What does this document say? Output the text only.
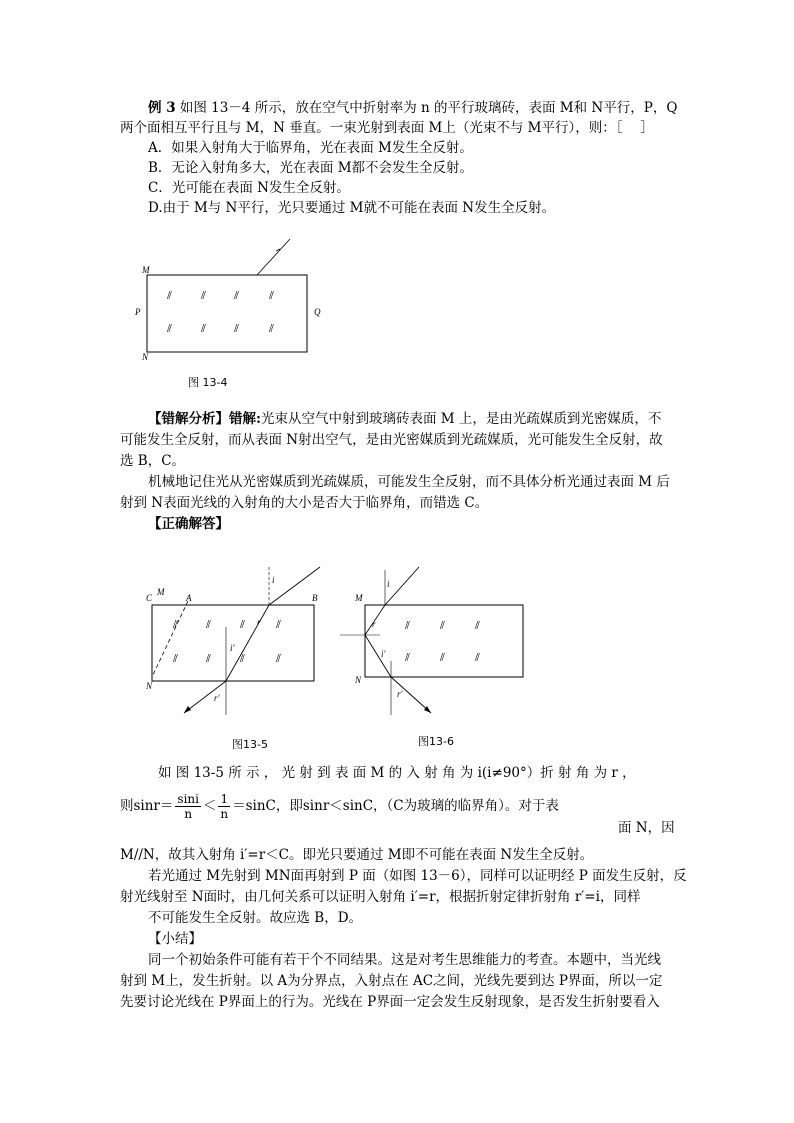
例 3 如图 13－4 所示，放在空气中折射率为 n 的平行玻璃砖，表面 M和 N平行，P，Q
两个面相互平行且与 M，N 垂直。一束光射到表面 M上（光束不与 M平行），则：［　 ］
A．如果入射角大于临界角，光在表面 M发生全反射。
B．无论入射角多大，光在表面 M都不会发生全反射。
C．光可能在表面 N发生全反射。
D.由于 M与 N平行，光只要通过 M就不可能在表面 N发生全反射。
M
P	Q
N
⫽	⫽	⫽	⫽
⫽	⫽	⫽	⫽
图 13-4
【错解分析】错解:光束从空气中射到玻璃砖表面 M 上，是由光疏媒质到光密媒质，不
可能发生全反射，而从表面 N射出空气，是由光密媒质到光疏媒质，光可能发生全反射，故
选 B，C。
机械地记住光从光密媒质到光疏媒质，可能发生全反射，而不具体分析光通过表面 M 后
射到 N表面光线的入射角的大小是否大于临界角，而错选 C。
【正确解答】
C
M
A	B
N
i
r
i'
r'
⫽	⫽	⫽	⫽
⫽	⫽	⫽	⫽
图13-5
M
N
i
r
i'
r'
⫽	⫽	⫽
⫽	⫽	⫽
图13-6
如 图 13-5 所 示 ， 光 射 到 表 面 M 的 入 射 角 为 i(i≠90°）折 射 角 为 r ，
则$\sin r= \frac{\sin i}{n} < \frac{1}{n} =\sin C$，即sinr＜sinC，（C为玻璃的临界角）。对于表
面 N，因
M//N，故其入射角 i′=r＜C。即光只要通过 M即不可能在表面 N发生全反射。
若光通过 M先射到 MN面再射到 P 面（如图 13－6），同样可以证明经 P 面发生反射，反
射光线射至 N面时，由几何关系可以证明入射角 i′=r，根据折射定律折射角 r′=i，同样
不可能发生全反射。故应选 B，D。
【小结】
同一个初始条件可能有若干个不同结果。这是对考生思维能力的考查。本题中，当光线
射到 M上，发生折射。以 A为分界点，入射点在 AC之间，光线先要到达 P界面，所以一定
先要讨论光线在 P界面上的行为。光线在 P界面一定会发生反射现象，是否发生折射要看入
